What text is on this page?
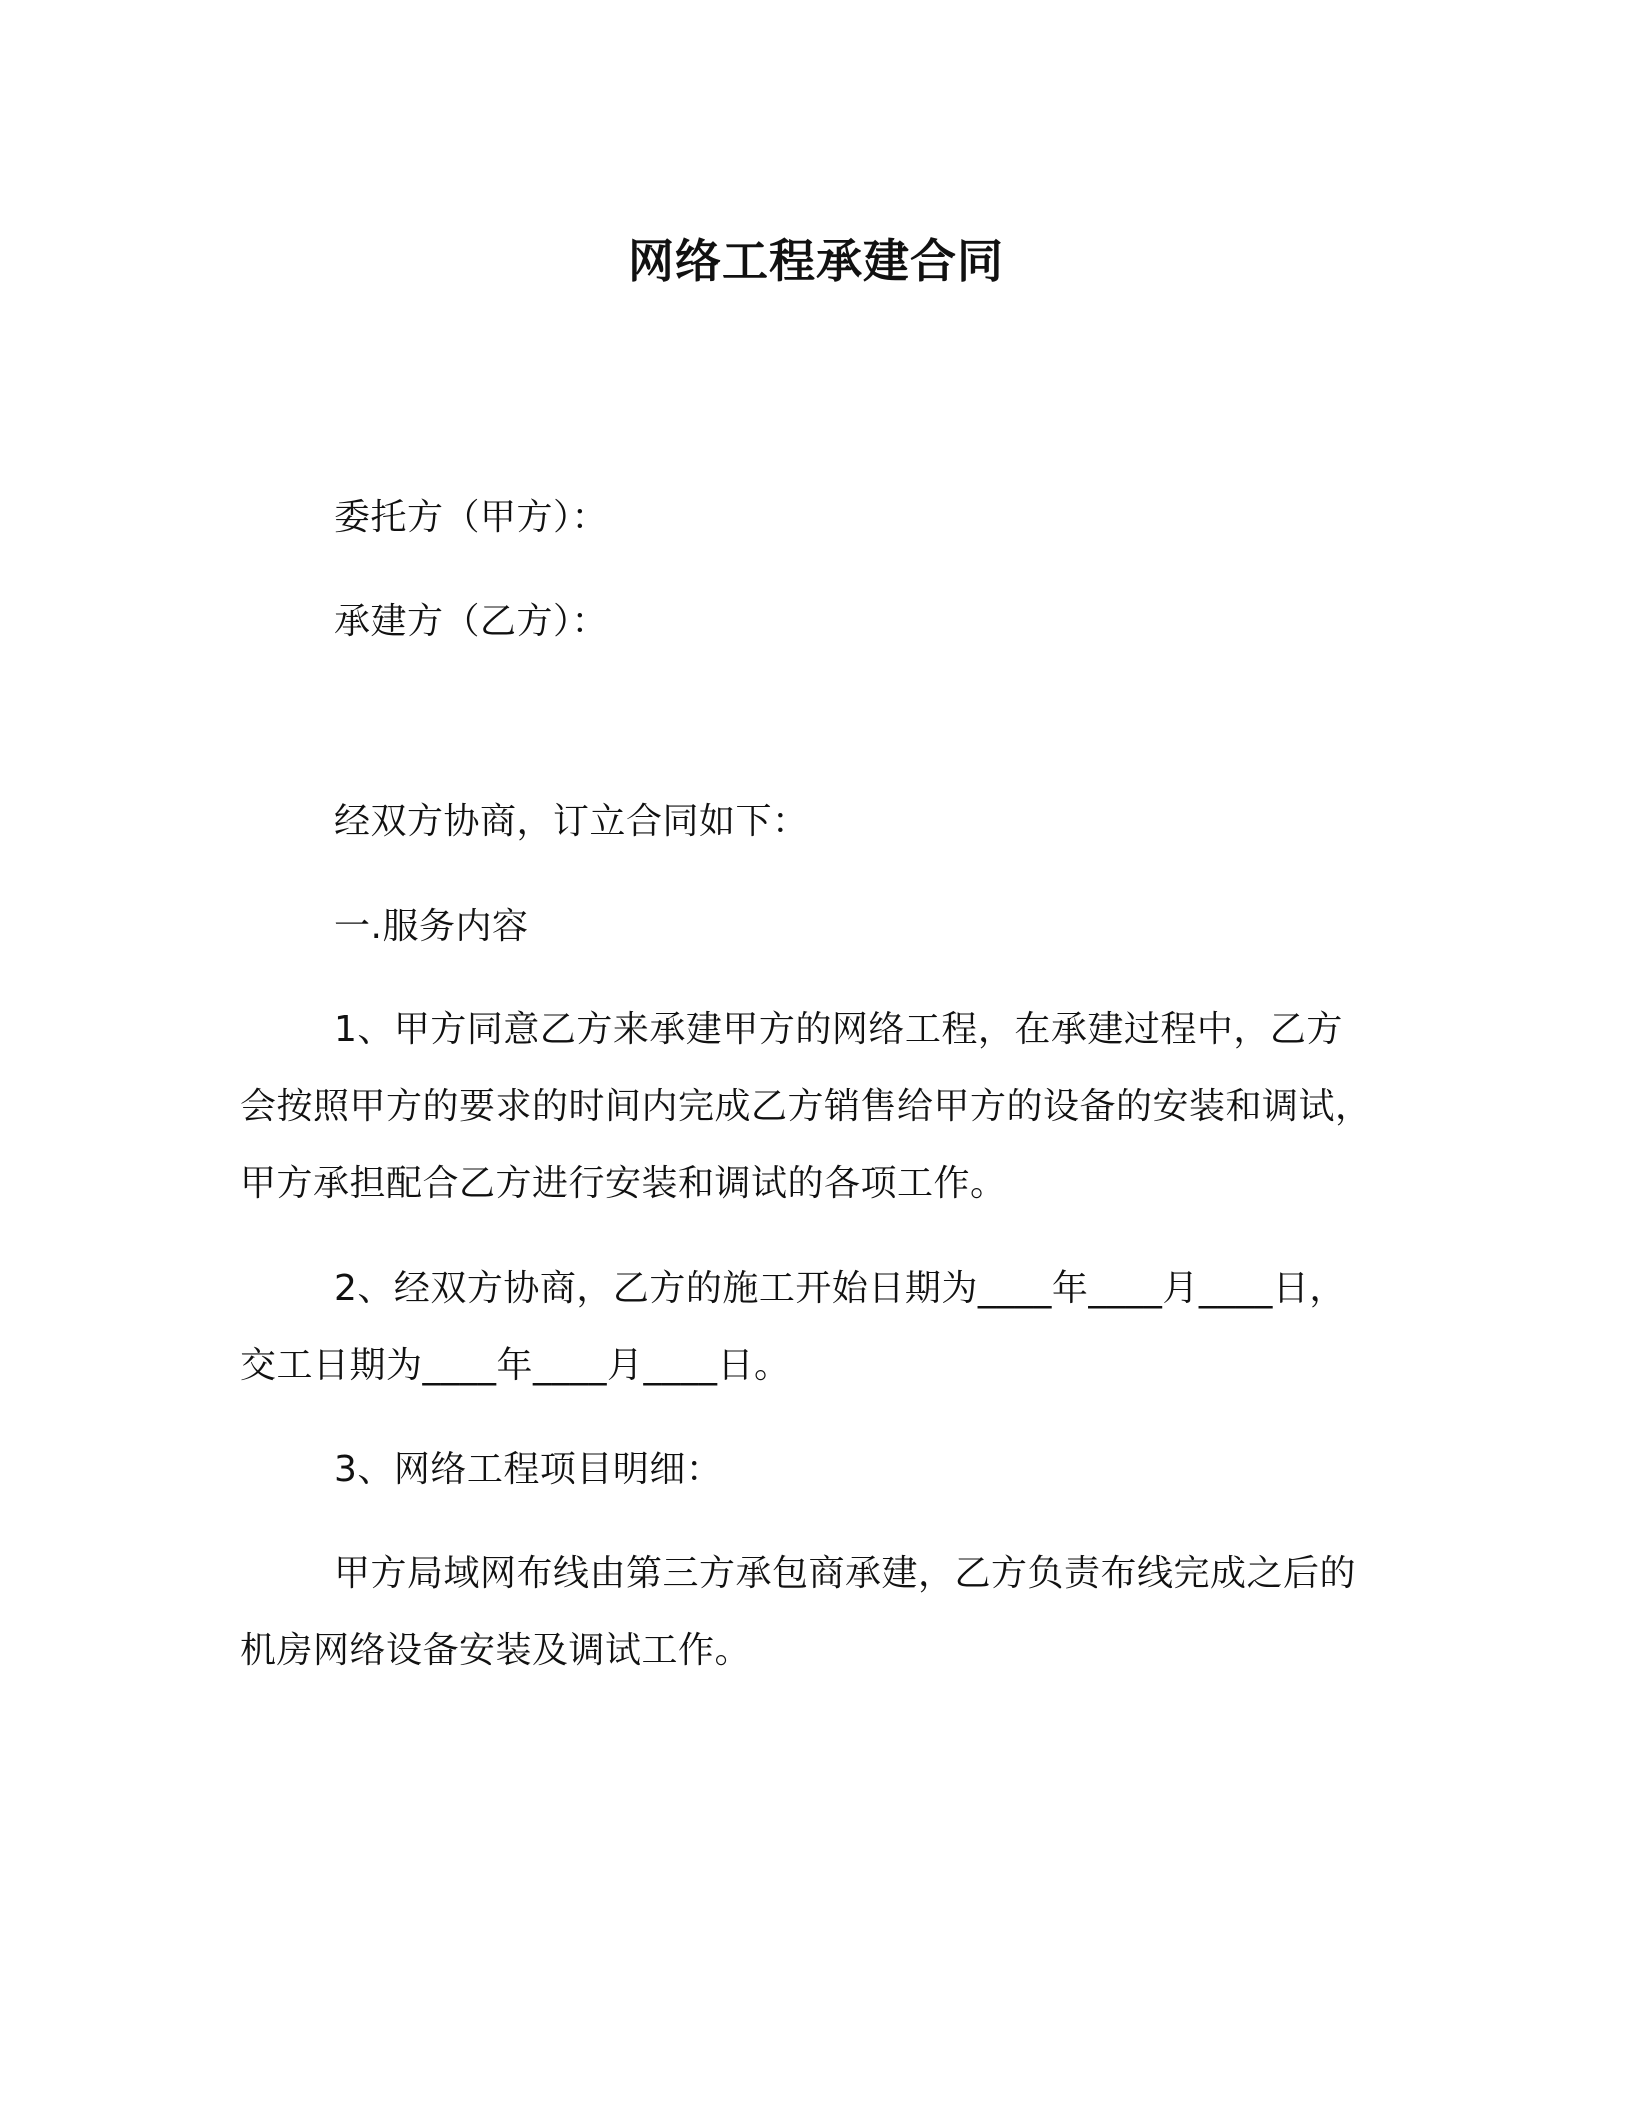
网络工程承建合同
委托方（甲方）：
承建方（乙方）：
经双方协商，订立合同如下：
一.服务内容
1、甲方同意乙方来承建甲方的网络工程，在承建过程中，乙方
会按照甲方的要求的时间内完成乙方销售给甲方的设备的安装和调试，
甲方承担配合乙方进行安装和调试的各项工作。
2、经双方协商，乙方的施工开始日期为____年____月____日，
交工日期为____年____月____日。
3、网络工程项目明细：
甲方局域网布线由第三方承包商承建，乙方负责布线完成之后的
机房网络设备安装及调试工作。
